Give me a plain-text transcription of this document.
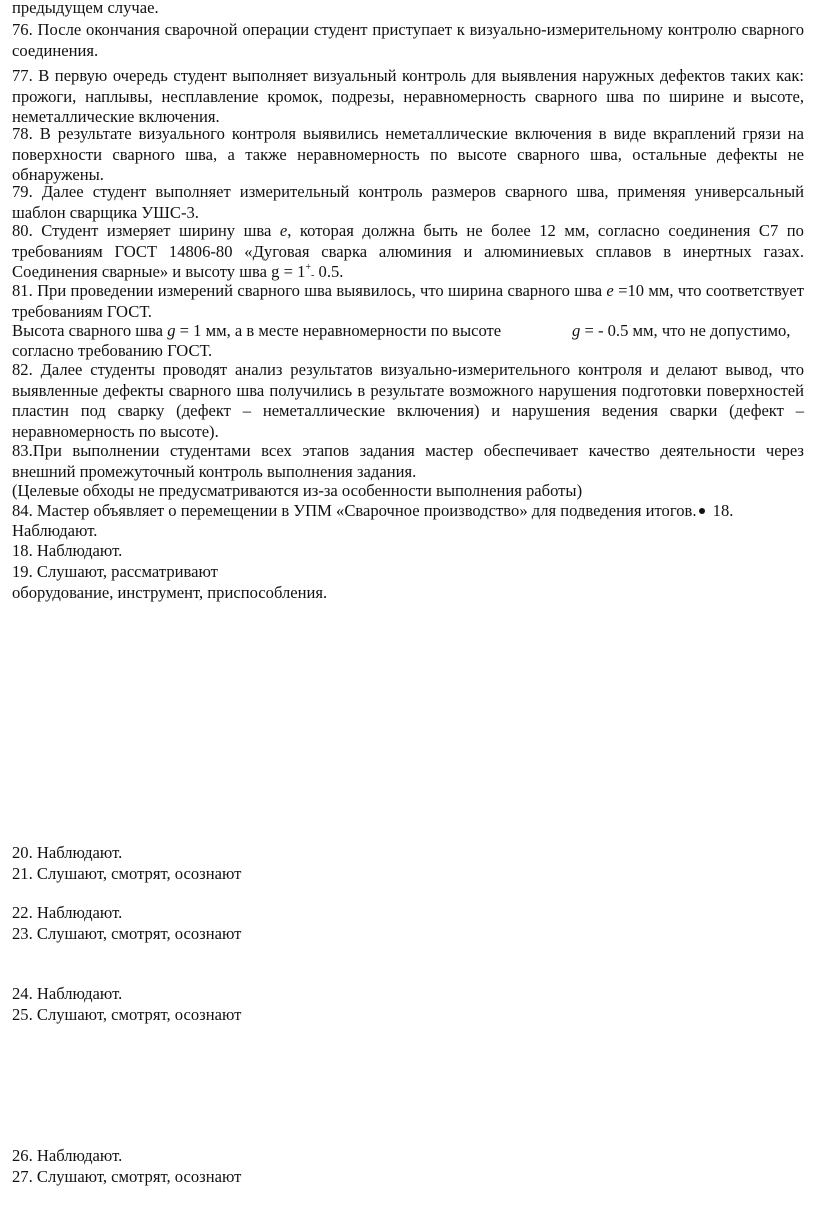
предыдущем случае.

76. После окончания сварочной операции студент приступает к визуально-измерительному контролю сварного соединения.

77. В первую очередь студент выполняет визуальный контроль для выявления наружных дефектов таких как: прожоги, наплывы, несплавление кромок, подрезы, неравномерность сварного шва по ширине и высоте, неметаллические включения.

78. В результате визуального контроля выявились неметаллические включения в виде вкраплений грязи на поверхности сварного шва, а также неравномерность по высоте сварного шва, остальные дефекты не обнаружены.

79. Далее студент выполняет измерительный контроль размеров сварного шва, применяя универсальный шаблон сварщика УШС-3.

80. Студент измеряет ширину шва е, которая должна быть не более 12 мм, согласно соединения С7 по требованиям ГОСТ 14806-80 «Дуговая сварка алюминия и алюминиевых сплавов в инертных газах. Соединения сварные» и высоту шва $g = 1^+_-$ 0.5.

81. При проведении измерений сварного шва выявилось, что ширина сварного шва е =10 мм, что соответствует требованиям ГОСТ.

Высота сварного шва g = 1 мм, а в месте неравномерности по высоте	g = - 0.5 мм, что не допустимо,
согласно требованию ГОСТ.

82. Далее студенты проводят анализ результатов визуально-измерительного контроля и делают вывод, что выявленные дефекты сварного шва получились в результате возможного нарушения подготовки поверхностей пластин под сварку (дефект – неметаллические включения) и нарушения ведения сварки (дефект – неравномерность по высоте).

83.При выполнении студентами всех этапов задания мастер обеспечивает качество деятельности через внешний промежуточный контроль выполнения задания.

(Целевые обходы не предусматриваются из-за особенности выполнения работы)
84. Мастер объявляет о перемещении в УПМ «Сварочное производство» для подведения итогов. 18.
Наблюдают.
18. Наблюдают.
19. Слушают, рассматривают
оборудование, инструмент, приспособления.
20. Наблюдают.
21. Слушают, смотрят, осознают
22. Наблюдают.
23. Слушают, смотрят, осознают
24. Наблюдают.
25. Слушают, смотрят, осознают
26. Наблюдают.
27. Слушают, смотрят, осознают
